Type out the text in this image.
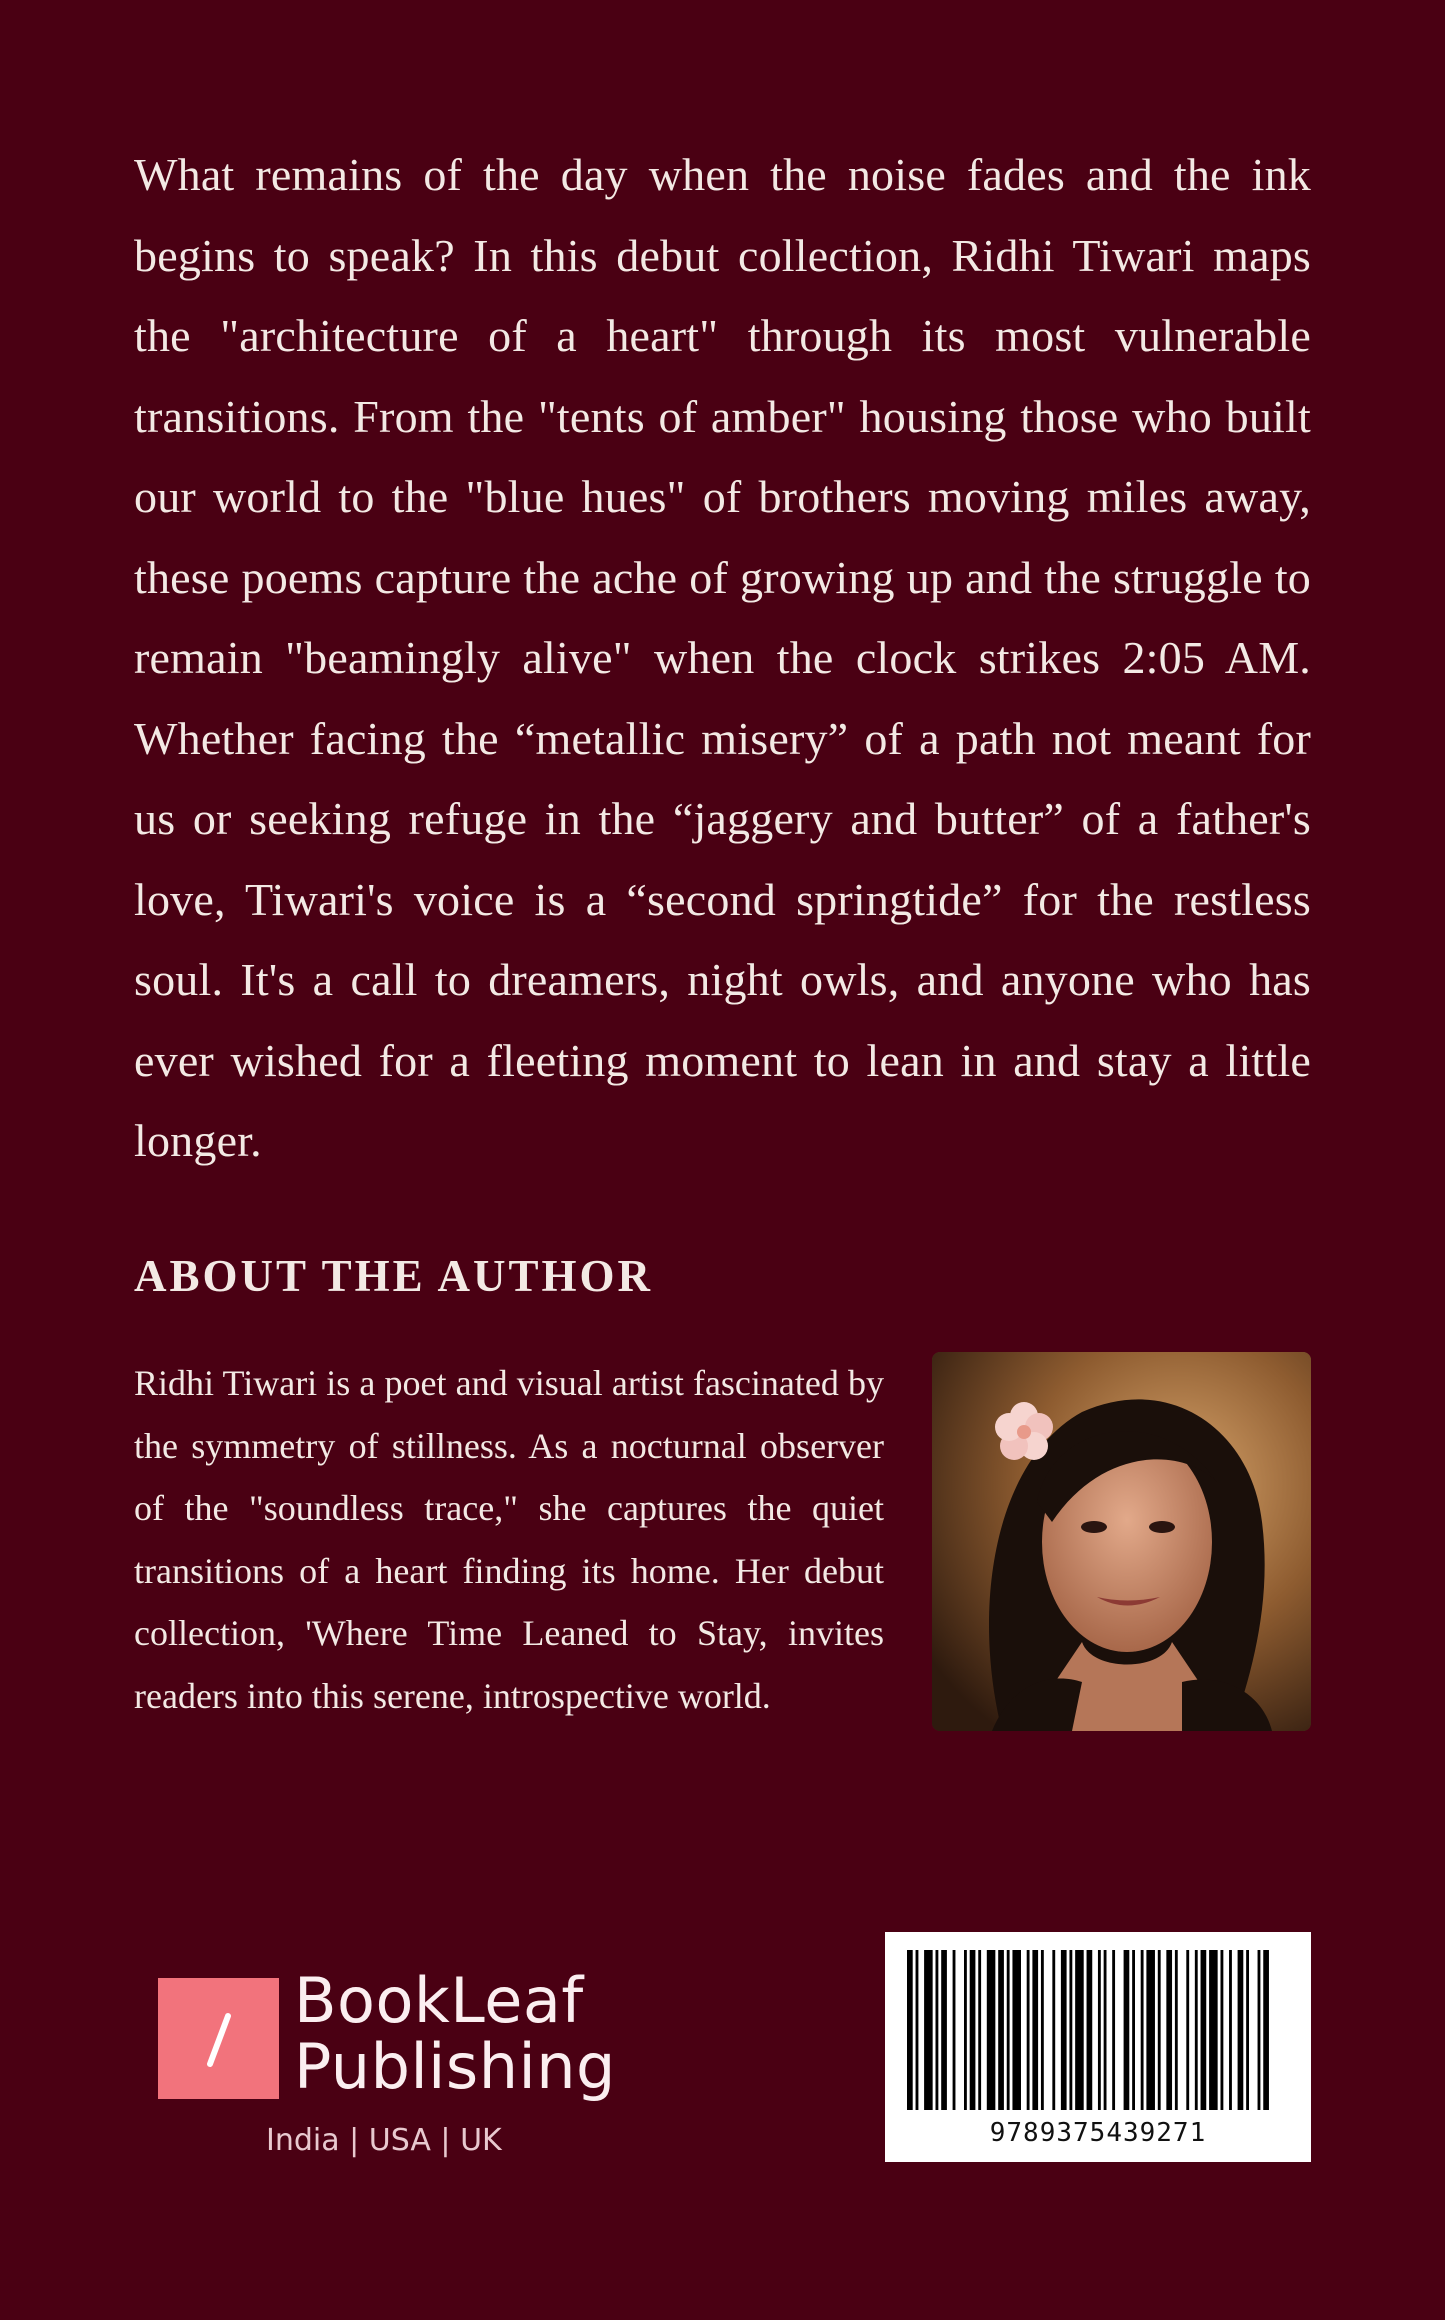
What remains of the day when the noise fades and the ink begins to speak? In this debut collection, Ridhi Tiwari maps the "architecture of a heart" through its most vulnerable transitions. From the "tents of amber" housing those who built our world to the "blue hues" of brothers moving miles away, these poems capture the ache of growing up and the struggle to remain "beamingly alive" when the clock strikes 2:05 AM. Whether facing the “metallic misery” of a path not meant for us or seeking refuge in the “jaggery and butter” of a father's love, Tiwari's voice is a “second springtide” for the restless soul. It's a call to dreamers, night owls, and anyone who has ever wished for a fleeting moment to lean in and stay a little longer.

ABOUT THE AUTHOR

Ridhi Tiwari is a poet and visual artist fascinated by the symmetry of stillness. As a nocturnal observer of the "soundless trace," she captures the quiet transitions of a heart finding its home. Her debut collection, 'Where Time Leaned to Stay, invites readers into this serene, introspective world.

BookLeaf
Publishing
India | USA | UK	9789375439271
